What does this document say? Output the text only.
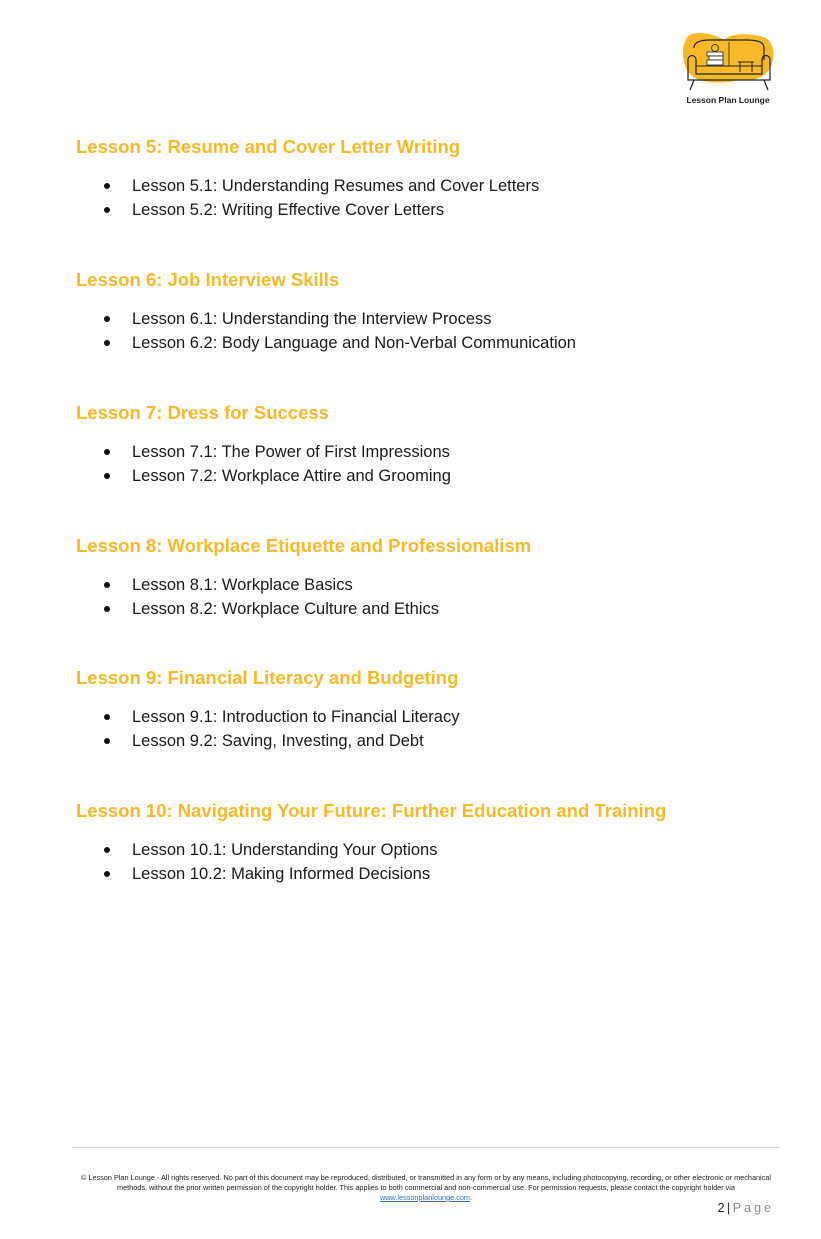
Lesson Plan Lounge
Lesson 5: Resume and Cover Letter Writing
Lesson 5.1: Understanding Resumes and Cover Letters
Lesson 5.2: Writing Effective Cover Letters
Lesson 6: Job Interview Skills
Lesson 6.1: Understanding the Interview Process
Lesson 6.2: Body Language and Non-Verbal Communication
Lesson 7: Dress for Success
Lesson 7.1: The Power of First Impressions
Lesson 7.2: Workplace Attire and Grooming
Lesson 8: Workplace Etiquette and Professionalism
Lesson 8.1: Workplace Basics
Lesson 8.2: Workplace Culture and Ethics
Lesson 9: Financial Literacy and Budgeting
Lesson 9.1: Introduction to Financial Literacy
Lesson 9.2: Saving, Investing, and Debt
Lesson 10: Navigating Your Future: Further Education and Training
Lesson 10.1: Understanding Your Options
Lesson 10.2: Making Informed Decisions
© Lesson Plan Lounge - All rights reserved. No part of this document may be reproduced, distributed, or transmitted in any form or by any means, including photocopying, recording, or other electronic or mechanical methods, without the prior written permission of the copyright holder. This applies to both commercial and non-commercial use. For permission requests, please contact the copyright holder via
www.lessonplanlounge.com.
2 | Page
